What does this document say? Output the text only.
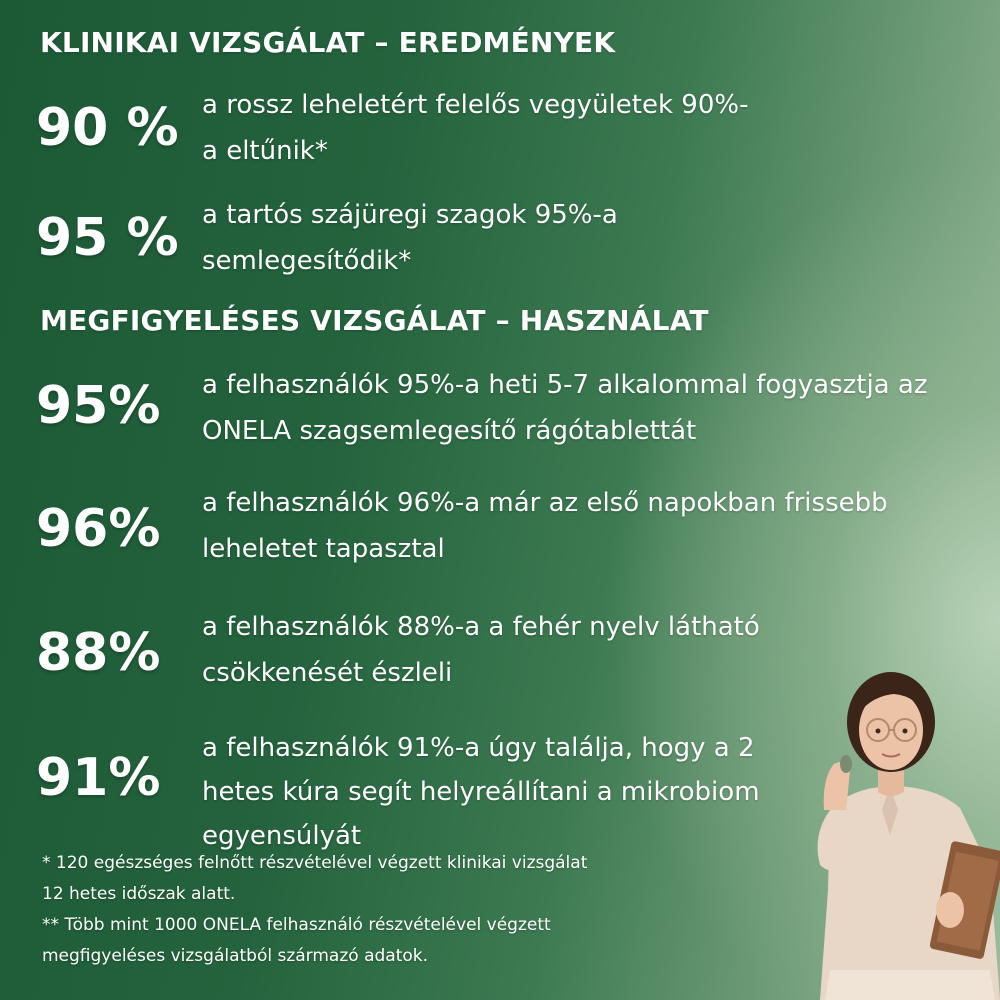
KLINIKAI VIZSGÁLAT – EREDMÉNYEK
90 % a rossz leheletért felelős vegyületek 90%-a eltűnik*
95 % a tartós szájüregi szagok 95%-a semlegesítődik*
MEGFIGYELÉSES VIZSGÁLAT – HASZNÁLAT
95% a felhasználók 95%-a heti 5-7 alkalommal fogyasztja az ONELA szagsemlegesítő rágótablettát
96% a felhasználók 96%-a már az első napokban frissebb leheletet tapasztal
88% a felhasználók 88%-a a fehér nyelv látható csökkenését észleli
91% a felhasználók 91%-a úgy találja, hogy a 2 hetes kúra segít helyreállítani a mikrobiom egyensúlyát
* 120 egészséges felnőtt részvételével végzett klinikai vizsgálat
12 hetes időszak alatt.
** Több mint 1000 ONELA felhasználó részvételével végzett
megfigyeléses vizsgálatból származó adatok.
